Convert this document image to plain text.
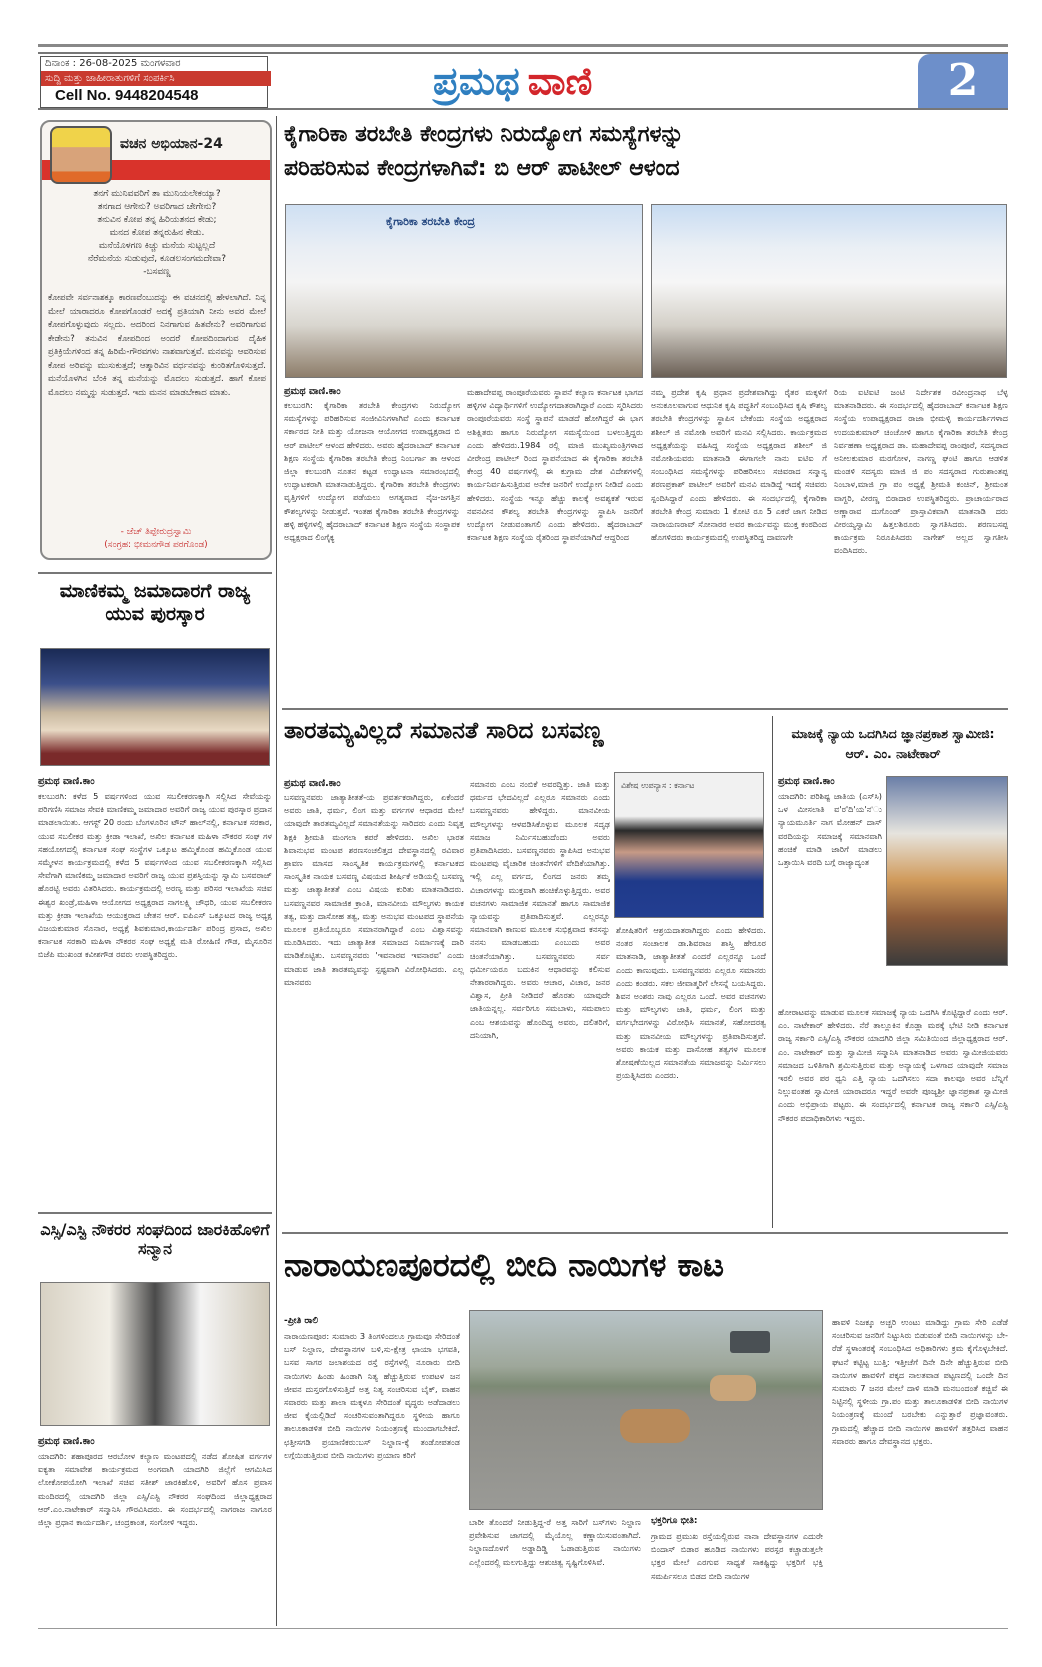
ದಿನಾಂಕ : 26-08-2025 ಮಂಗಳವಾರ
ಸುದ್ದಿ ಮತ್ತು ಜಾಹೀರಾತುಗಳಿಗೆ ಸಂಪರ್ಕಿಸಿ
Cell No. 9448204548	ಪ್ರಮಥ ವಾಣಿ	2
ವಚನ ಅಭಿಯಾನ-24
ತನಗೆ ಮುನಿವವರಿಗೆ ತಾ ಮುನಿಯಲೇಕಯ್ಯಾ?
ತನಗಾದ ಆಗೇನು? ಅವರಿಗಾದ ಚೇಗೇನು?
ತನುವಿನ ಕೋಪ ತನ್ನ ಹಿರಿಯತನದ ಕೇಡು;
ಮನದ ಕೋಪ ತನ್ನರುಹಿನ ಕೇಡು.
ಮನೆಯೊಳಗಣ ಕಿಚ್ಚು ಮನೆಯ ಸುಟ್ಟಲ್ಲದೆ
ನೆರೆಮನೆಯ ಸುಡುವುದೆ, ಕೂಡಲಸಂಗಮದೇವಾ?
-ಬಸವಣ್ಣ
ಕೋಪವೇ ಸರ್ವನಾಶಕ್ಕೂ ಕಾರಣವೆಂಬುದನ್ನು ಈ ವಚನದಲ್ಲಿ ಹೇಳಲಾಗಿದೆ. ನಿನ್ನ ಮೇಲೆ ಯಾರಾದರೂ ಕೋಪಗೊಂಡರೆ ಅದಕ್ಕೆ ಪ್ರತಿಯಾಗಿ ನೀನು ಅವರ ಮೇಲೆ ಕೋಪಗೊಳ್ಳುವುದು ಸಲ್ಲದು. ಅದರಿಂದ ನಿನಗಾಗುವ ಹಿತವೇನು? ಅವರಿಗಾಗುವ ಕೇಡೇನು? ತನುವಿನ ಕೋಪದಿಂದ ಅಂದರೆ ಕೋಪದಿಂದಾಗುವ ದೈಹಿಕ ಪ್ರತಿಕ್ರಿಯೆಗಳಿಂದ ತನ್ನ ಹಿರಿಮೆ-ಗೌರವಗಳು ನಾಶವಾಗುತ್ತವೆ. ಮನವನ್ನು ಆವರಿಸುವ ಕೋಪ ಅರಿವನ್ನು ಮುಸುಕುತ್ತದೆ; ಆತ್ಮಾರಿವಿನ ವರ್ಧನವನ್ನು ಕುಂಠಿತಗೊಳಿಸುತ್ತದೆ. ಮನೆಯೊಳಗಿನ ಬೆಂಕಿ ತನ್ನ ಮನೆಯನ್ನು ಮೊದಲು ಸುಡುತ್ತದೆ. ಹಾಗೆ ಕೋಪ ಮೊದಲು ನಮ್ಮನ್ನು ಸುಡುತ್ತದೆ. ಇದು ಮನನ ಮಾಡಬೇಕಾದ ಮಾತು.
- ಜೆಚ್ ತಿಪ್ಪೇರುದ್ರಸ್ವಾಮಿ
(ಸಂಗ್ರಹ: ಭೀಮನಗೌಡ ಪರಗೊಂಡ)
ಮಾಣಿಕಮ್ಮ ಜಮಾದಾರಗೆ ರಾಜ್ಯ ಯುವ ಪುರಸ್ಕಾರ
ಪ್ರಮಥ ವಾಣಿ.ಕಾಂ
ಕಲಬುರಗಿ: ಕಳೆದ 5 ವರ್ಷಗಳಿಂದ ಯುವ ಸಬಲೀಕರಣಕ್ಕಾಗಿ ಸಲ್ಲಿಸಿದ ಸೇವೆಯನ್ನು ಪರಿಗಣಿಸಿ ಸಮಾಜ ಸೇವಕಿ ಮಾಣಿಕಮ್ಮ ಜಮಾದಾರ ಅವರಿಗೆ ರಾಜ್ಯ ಯುವ ಪುರಸ್ಕಾರ ಪ್ರದಾನ ಮಾಡಲಾಯಿತು. ಆಗಸ್ಟ್ 20 ರಂದು ಬೆಂಗಳೂರಿನ ಟೌನ್ ಹಾಲ್‌ನಲ್ಲಿ, ಕರ್ನಾಟಕ ಸರಕಾರ, ಯುವ ಸಬಲೀಕರ ಮತ್ತು ಕ್ರೀಡಾ ಇಲಾಖೆ, ಅಖಿಲ ಕರ್ನಾಟಕ ಮಹಿಳಾ ನೌಕರರ ಸಂಘ ಗಳ ಸಹಯೋಗದಲ್ಲಿ ಕರ್ನಾಟಕ ಸಂಘ ಸಂಸ್ಥೆಗಳ ಒಕ್ಕೂಟ ಹಮ್ಮಿಕೊಂಡ ಹಮ್ಮಿಕೊಂಡ ಯುವ ಸಮ್ಮೇಳನ ಕಾರ್ಯಕ್ರಮದಲ್ಲಿ ಕಳೆದ 5 ವರ್ಷಗಳಿಂದ ಯುವ ಸಬಲೀಕರಣಕ್ಕಾಗಿ ಸಲ್ಲಿಸಿದ ಸೇವೆಗಾಗಿ ಮಾಣಿಕಮ್ಮ ಜಮಾದಾರ ಅವರಿಗೆ ರಾಜ್ಯ ಯುವ ಪ್ರಶಸ್ತಿಯನ್ನು ಸ್ವಾಮಿ ಬಸವರಾಜ್ ಹೊರಟ್ಟಿ ಅವರು ವಿತರಿಸಿದರು. ಕಾರ್ಯಕ್ರಮದಲ್ಲಿ ಅರಣ್ಯ ಮತ್ತು ಪರಿಸರ ಇಲಾಖೆಯ ಸಚಿವ ಈಶ್ವರ ಖಂಡ್ರೆ,ಮಹಿಳಾ ಆಯೋಗದ ಅಧ್ಯಕ್ಷರಾದ ನಾಗಲಕ್ಷ್ಮಿ ಚೌಧರಿ, ಯುವ ಸಬಲೀಕರಣ ಮತ್ತು ಕ್ರೀಡಾ ಇಲಾಖೆಯ ಆಯುಕ್ತರಾದ ಚೇತನ ಆರ್. ಐಪಿಎಸ್ ಒಕ್ಕೂಟದ ರಾಜ್ಯ ಅಧ್ಯಕ್ಷ ವಿಜಯಕುಮಾರ ಸೊನಾರ, ಅಧ್ಯಕ್ಷೆ ಶಿವಕುಮಾರ,ಕಾರ್ಯದರ್ಶಿ ಪರಿಂದ್ರ ಪ್ರಸಾದ, ಅಖಿಲ ಕರ್ನಾಟಕ ಸರಕಾರಿ ಮಹಿಳಾ ನೌಕರರ ಸಂಘ ಅಧ್ಯಕ್ಷೆ ಮತಿ ರೋಹಿಣಿ ಗೌಡ, ಮೈಸೂರಿನ ಬಿಜೆಪಿ ಮುಖಂಡ ಕವೀಶಗೌಡ ರವರು ಉಪಸ್ಥಿತರಿದ್ದರು.
ಎಸ್ಸಿ/ಎಸ್ಟಿ ನೌಕರರ ಸಂಘದಿಂದ ಜಾರಕಿಹೊಳಿಗೆ ಸನ್ಮಾನ
ಪ್ರಮಥ ವಾಣಿ.ಕಾಂ
ಯಾದಗಿರಿ: ಶಹಾಪೂರದ ಆರಬೋಳ ಕಲ್ಯಾಣ ಮಂಟಪದಲ್ಲಿ ನಡೆದ ಶೋಷಿತ ವರ್ಗಗಳ ಐಕ್ಯತಾ ಸಮಾವೇಶ ಕಾರ್ಯಕ್ರಮದ ಅಂಗವಾಗಿ ಯಾದಗಿರಿ ಜಿಲ್ಲೆಗೆ ಆಗಮಿಸಿದ ಲೋಕೋಪಯೋಗಿ ಇಲಾಖೆ ಸಚಿವ ಸತೀಶ್ ಜಾರಕಿಹೊಳಿ, ಅವರಿಗೆ ಹೊಸ ಪ್ರವಾಸ ಮಂದಿರದಲ್ಲಿ ಯಾದಗಿರಿ ಜಿಲ್ಲಾ ಎಸ್ಸಿ/ಎಸ್ಟಿ ನೌಕರರ ಸಂಘದಿಂದ ಜಿಲ್ಲಾಧ್ಯಕ್ಷರಾದ ಆರ್.ಎಂ.ನಾಟೇಕಾರ್ ಸನ್ಮಾನಿಸಿ ಗೌರವಿಸಿದರು. ಈ ಸಂದರ್ಭದಲ್ಲಿ ನಾಗರಾಜ ನಾಗೂರ ಜಿಲ್ಲಾ ಪ್ರಧಾನ ಕಾರ್ಯದರ್ಶಿ, ಚಂದ್ರಕಾಂತ, ಸಂಗೋಳಿ ಇದ್ದರು.
ಕೈಗಾರಿಕಾ ತರಬೇತಿ ಕೇಂದ್ರಗಳು ನಿರುದ್ಯೋಗ ಸಮಸ್ಯೆಗಳನ್ನು
ಪರಿಹರಿಸುವ ಕೇಂದ್ರಗಳಾಗಿವೆ: ಬಿ ಆರ್ ಪಾಟೀಲ್ ಆಳಂದ
ಕೈಗಾರಿಕಾ ತರಬೇತಿ ಕೇಂದ್ರ
ಪ್ರಮಥ ವಾಣಿ.ಕಾಂ
ಕಲಬುರಗಿ: ಕೈಗಾರಿಕಾ ತರಬೇತಿ ಕೇಂದ್ರಗಳು ನಿರುದ್ಯೋಗ ಸಮಸ್ಯೆಗಳನ್ನು ಪರಿಹರಿಸುವ ಸಂಜೀವಿನಿಗಳಾಗಿವೆ ಎಂದು ಕರ್ನಾಟಕ ಸರ್ಕಾರದ ನೀತಿ ಮತ್ತು ಯೋಜನಾ ಆಯೋಗದ ಉಪಾಧ್ಯಕ್ಷರಾದ ಬಿ ಆರ್ ಪಾಟೀಲ್ ಆಳಂದ ಹೇಳಿದರು. ಅವರು ಹೈದರಾಬಾದ್ ಕರ್ನಾಟಕ ಶಿಕ್ಷಣ ಸಂಸ್ಥೆಯ ಕೈಗಾರಿಕಾ ತರಬೇತಿ ಕೇಂದ್ರ ನಿಂಬರ್ಗಾ ತಾ ಆಳಂದ ಜಿಲ್ಲಾ ಕಲಬುರಗಿ ನೂತನ ಕಟ್ಟಡ ಉದ್ಘಾಟನಾ ಸಮಾರಂಭದಲ್ಲಿ ಉದ್ಘಾಟಕರಾಗಿ ಮಾತನಾಡುತ್ತಿದ್ದರು. ಕೈಗಾರಿಕಾ ತರಬೇತಿ ಕೇಂದ್ರಗಳು ವೃತ್ತಿಗಳಿಗೆ ಉದ್ಯೋಗ ಪಡೆಯಲು ಅಗತ್ಯವಾದ ನೈಜ-ಜಗತ್ತಿನ ಕೌಶಲ್ಯಗಳನ್ನು ನೀಡುತ್ತವೆ. ಇಂತಹ ಕೈಗಾರಿಕಾ ತರಬೇತಿ ಕೇಂದ್ರಗಳನ್ನು ಹಳ್ಳಿ ಹಳ್ಳಿಗಳಲ್ಲಿ ಹೈದರಾಬಾದ್ ಕರ್ನಾಟಕ ಶಿಕ್ಷಣ ಸಂಸ್ಥೆಯ ಸಂಸ್ಥಾಪಕ ಅಧ್ಯಕ್ಷರಾದ ಲಿಂಗೈಕ್ಯ
ಮಹಾದೇವಪ್ಪ ರಾಂಪೂರೆಯವರು ಸ್ಥಾಪನೆ ಕಲ್ಯಾಣ ಕರ್ನಾಟಕ ಭಾಗದ ಹಳ್ಳಿಗಳ ವಿದ್ಯಾರ್ಥಿಗಳಿಗೆ ಉದ್ಯೋಗದಾತರಾಗಿದ್ದಾರೆ ಎಂದು ಸ್ಮರಿಸಿದರು ರಾಂಪೂರೆಯವರು ಸಂಸ್ಥೆ ಸ್ಥಾಪನೆ ಮಾಡದೆ ಹೋಗಿದ್ದರೆ ಈ ಭಾಗ ಅಶಿಕ್ಷಿತರು ಹಾಗೂ ನಿರುದ್ಯೋಗ ಸಮಸ್ಯೆಯಿಂದ ಬಳಲುತ್ತಿದ್ದರು ಎಂದು ಹೇಳಿದರು.1984 ರಲ್ಲಿ ಮಾಜಿ ಮುಖ್ಯಮಂತ್ರಿಗಳಾದ ವೀರೇಂದ್ರ ಪಾಟೀಲ್ ರಿಂದ ಸ್ಥಾಪನೆಯಾದ ಈ ಕೈಗಾರಿಕಾ ತರಬೇತಿ ಕೇಂದ್ರ 40 ವರ್ಷಗಳಲ್ಲಿ ಈ ಕುಗ್ರಾಮ ದೇಶ ವಿದೇಶಗಳಲ್ಲಿ ಕಾರ್ಯನಿರ್ವಹಿಸುತ್ತಿರುವ ಅನೇಕ ಜನರಿಗೆ ಉದ್ಯೋಗ ನೀಡಿದೆ ಎಂದು ಹೇಳಿದರು. ಸಂಸ್ಥೆಯ ಇನ್ನೂ ಹೆಚ್ಚು ಕಾಲಕ್ಕೆ ಅವಶ್ಯಕತೆ ಇರುವ ನವನವೀನ ಕೌಶಲ್ಯ ತರಬೇತಿ ಕೇಂದ್ರಗಳನ್ನು ಸ್ಥಾಪಿಸಿ ಜನರಿಗೆ ಉದ್ಯೋಗ ನೀಡುವಂತಾಗಲಿ ಎಂದು ಹೇಳಿದರು. ಹೈದರಾಬಾದ್ ಕರ್ನಾಟಕ ಶಿಕ್ಷಣ ಸಂಸ್ಥೆಯ ರೈತರಿಂದ ಸ್ಥಾಪನೆಯಾಗಿದೆ ಆದ್ದರಿಂದ
ನಮ್ಮ ಪ್ರದೇಶ ಕೃಷಿ ಪ್ರಧಾನ ಪ್ರದೇಶವಾಗಿದ್ದು ರೈತರ ಮಕ್ಕಳಿಗೆ ಅನುಕೂಲವಾಗುವ ಆಧುನಿಕ ಕೃಷಿ ಪದ್ಧತಿಗೆ ಸಂಬಂಧಿಸಿದ ಕೃಷಿ ಕೌಶಲ್ಯ ತರಬೇತಿ ಕೇಂದ್ರಗಳನ್ನು ಸ್ಥಾಪಿಸ ಬೇಕೆಂದು ಸಂಸ್ಥೆಯ ಅಧ್ಯಕ್ಷರಾದ ಶಶೀಲ್ ಜಿ ನಮೋಶಿ ಅವರಿಗೆ ಮನವಿ ಸಲ್ಲಿಸಿದರು. ಕಾರ್ಯಕ್ರಮದ ಅಧ್ಯಕ್ಷತೆಯನ್ನು ವಹಿಸಿದ್ದ ಸಂಸ್ಥೆಯ ಅಧ್ಯಕ್ಷರಾದ ಶಶೀಲ್ ಜಿ ನಮೋಶಿಯವರು ಮಾತನಾಡಿ ಈಗಾಗಲೇ ನಾನು ಐಟಿಐ ಗೆ ಸಂಬಂಧಿಸಿದ ಸಮಸ್ಯೆಗಳನ್ನು ಪರಿಹರಿಸಲು ಸಚಿವರಾದ ಸನ್ಮಾನ್ಯ ಶರಣಪ್ರಕಾಶ್ ಪಾಟೀಲ್ ಅವರಿಗೆ ಮನವಿ ಮಾಡಿದ್ದೆ ಇದಕ್ಕೆ ಸಚಿವರು ಸ್ಪಂದಿಸಿದ್ದಾರೆ ಎಂದು ಹೇಳಿದರು. ಈ ಸಂದರ್ಭದಲ್ಲಿ ಕೈಗಾರಿಕಾ ತರಬೇತಿ ಕೇಂದ್ರ ಸುಮಾರು 1 ಕೋಟಿ ರೂ 5 ಎಕರೆ ಜಾಗ ನೀಡಿದ ನಾರಾಯಣರಾವ್ ಸೋನಾರರ ಅವರ ಕಾರ್ಯವನ್ನು ಮುಕ್ತ ಕಂಠದಿಂದ ಹೊಗಳಿದರು ಕಾರ್ಯಕ್ರಮದಲ್ಲಿ ಉಪಸ್ಥಿತರಿದ್ದ ದಾವಣಗೇ
ರಿಯ ಐಟಿಐಟಿ ಜಂಟಿ ನಿರ್ದೇಶಕ ರವೀಂದ್ರನಾಥ ಬೆಳ್ಳ ಮಾತನಾಡಿದರು. ಈ ಸಂದರ್ಭದಲ್ಲಿ ಹೈದರಾಬಾದ್ ಕರ್ನಾಟಕ ಶಿಕ್ಷಣ ಸಂಸ್ಥೆಯ ಉಪಾಧ್ಯಕ್ಷರಾದ ರಾಜಾ ಭೀಮಳ್ಳಿ ಕಾರ್ಯದರ್ಶಿಗಳಾದ ಉದಯಕುಮಾರ್ ಚಿಂಚೋಳಿ ಹಾಗೂ ಕೈಗಾರಿಕಾ ತರಬೇತಿ ಕೇಂದ್ರ ನಿರ್ವಹಣಾ ಅಧ್ಯಕ್ಷರಾದ ಡಾ. ಮಹಾದೇವಪ್ಪ ರಾಂಪೂರೆ, ಸದಸ್ಯರಾದ ಅನೀಲಕುಮಾರ ಮರಗೋಳ, ನಾಗಣ್ಣ ಘಂಟಿ ಹಾಗೂ ಆಡಳಿತ ಮಂಡಳಿ ಸದಸ್ಯರು ಮಾಜಿ ಜಿ ಪಂ ಸದಸ್ಯರಾದ ಗುರುಶಾಂತಪ್ಪ ನಿಂಬಾಳ,ಮಾಜಿ ಗ್ರಾ ಪಂ ಅಧ್ಯಕ್ಷೆ ಶ್ರೀಮತಿ ಕಂಚಿನ್, ಶ್ರೀಮಂತ ವಾಗ್ದರಿ, ವೀರಣ್ಣ ಬಿರಾದಾರ ಉಪಸ್ಥಿತರಿದ್ದರು. ಪ್ರಾಚಾರ್ಯರಾದ ಅಣ್ಣಾರಾವ ದುಗೊಂಡ್ ಪ್ರಾಸ್ತಾವಿಕವಾಗಿ ಮಾತನಾಡಿ ದರು ವೀರಯ್ಯಸ್ವಾಮಿ ಹಿತ್ತಲಶಿರೂರು ಸ್ವಾಗತಿಸಿದರು. ಶರಣಬಸಪ್ಪ ಕಾರ್ಯಕ್ರಮ ನಿರೂಪಿಸಿದರು ನಾಗೇಶ್ ಅಲ್ಲದ ಸ್ವಾಗತೀಸಿ ವಂದಿಸಿದರು.
ತಾರತಮ್ಯವಿಲ್ಲದೆ ಸಮಾನತೆ ಸಾರಿದ ಬಸವಣ್ಣ
ಪ್ರಮಥ ವಾಣಿ.ಕಾಂ
ಬಸವಣ್ಣನವರು ಜಾತ್ಯಾತೀತತೆ-ಯ ಪ್ರವರ್ತಕರಾಗಿದ್ದರು, ಏಕೆಂದರೆ ಅವರು ಜಾತಿ, ಧರ್ಮ, ಲಿಂಗ ಮತ್ತು ವರ್ಗಗಳ ಆಧಾರದ ಮೇಲೆ ಯಾವುದೇ ತಾರತಮ್ಯವಿಲ್ಲದೆ ಸಮಾನತೆಯನ್ನು ಸಾರಿದರು ಎಂದು ನಿವೃತ್ತ ಶಿಕ್ಷಕಿ ಶ್ರೀಮತಿ ಮಂಗಲಾ ಕಪರೆ ಹೇಳಿದರು. ಅಖಿಲ ಭಾರತ ಶಿವಾನುಭವ ಮಂಟಪ ಶರಣಸಂಚಲಿತ್ತದ ದೇವಸ್ಥಾನದಲ್ಲಿ ರವಿವಾರ ಶ್ರಾವಣ ಮಾಸದ ಸಾಂಸ್ಕೃತಿಕ ಕಾರ್ಯಕ್ರಮಗಳಲ್ಲಿ ಕರ್ನಾಟಕದ ಸಾಂಸ್ಕೃತಿಕ ನಾಯಕ ಬಸವಣ್ಣ ವಿಷಯದ ಶೀರ್ಷಿಕೆ ಅಡಿಯಲ್ಲಿ ಬಸವಣ್ಣ ಮತ್ತು ಜಾತ್ಯಾತೀತತೆ ಎಂಬ ವಿಷಯ ಕುರಿತು ಮಾತನಾಡಿದರು. ಬಸವಣ್ಣನವರ ಸಾಮಾಜಿಕ ಕ್ರಾಂತಿ, ಮಾನವೀಯ ಮೌಲ್ಯಗಳು ಕಾಯಕ ತತ್ವ, ಮತ್ತು ದಾಸೋಹ ತತ್ವ, ಮತ್ತು ಅನುಭವ ಮಂಟಪದ ಸ್ಥಾಪನೆಯ ಮೂಲಕ ಪ್ರತಿಯೊಬ್ಬರೂ ಸಮಾನರಾಗಿದ್ದಾರೆ ಎಂಬ ವಿಶ್ವಾಸವನ್ನು ಮೂಡಿಸಿದರು. ಇದು ಜಾತ್ಯಾತೀತ ಸಮಾಜದ ನಿರ್ಮಾಣಕ್ಕೆ ದಾರಿ ಮಾಡಿಕೊಟ್ಟಿತು. ಬಸವಣ್ಣನವರು 'ಇವನಾರವ ಇವನಾರವ' ಎಂದು ಮಾಡುವ ಜಾತಿ ತಾರತಮ್ಯವನ್ನು ಸ್ಪಷ್ಟವಾಗಿ ವಿರೋಧಿಸಿದರು. ಎಲ್ಲ ಮಾನವರು
ಸಮಾನರು ಎಂಬ ನಂಬಿಕೆ ಅವರದ್ದಿತ್ತು. ಜಾತಿ ಮತ್ತು ಧರ್ಮದ ಭೇದವಿಲ್ಲದೆ ಎಲ್ಲರೂ ಸಮಾನರು ಎಂದು ಬಸವಣ್ಣನವರು ಹೇಳಿದ್ದರು. ಮಾನವೀಯ ಮೌಲ್ಯಗಳನ್ನು ಆಳವಡಿಸಿಕೊಳ್ಳುವ ಮೂಲಕ ಸದೃಢ ಸಮಾಜ ನಿರ್ಮಿಸಬಹುದೆಂದು ಅವರು ಪ್ರತಿಪಾದಿಸಿದರು. ಬಸವಣ್ಣನವರು ಸ್ಥಾಪಿಸಿದ ಅನುಭವ ಮಂಟಪವು ವೈಚಾರಿಕ ಚಿಂತನೆಗಳಿಗೆ ವೇದಿಕೆಯಾಗಿತ್ತು. ಇಲ್ಲಿ ಎಲ್ಲ ವರ್ಗದ, ಲಿಂಗದ ಜನರು ತಮ್ಮ ವಿಚಾರಗಳನ್ನು ಮುಕ್ತವಾಗಿ ಹಂಚಿಕೊಳ್ಳುತ್ತಿದ್ದರು. ಅವರ ವಚನಗಳು ಸಾಮಾಜಿಕ ಸಮಾನತೆ ಹಾಗೂ ಸಾಮಾಜಿಕ ನ್ಯಾಯವನ್ನು ಪ್ರತಿಪಾದಿಸುತ್ತವೆ. ಎಲ್ಲರನ್ನೂ ಸಮಾನವಾಗಿ ಕಾಣುವ ಮೂಲಕ ಸುಭಿಕ್ಷವಾದ ಕನಸನ್ನು ನನಸು ಮಾಡಬಹುದು ಎಂಬುದು ಅವರ ಚಿಂತನೆಯಾಗಿತ್ತು. ಬಸವಣ್ಣನವರು ಸರ್ವ ಧರ್ಮೀಯರೂ ಬದುಕಿನ ಆಧಾರವನ್ನು ಕಲಿಸುವ ನೇತಾರರಾಗಿದ್ದರು. ಅವರು ಆಚಾರ, ವಿಚಾರ, ಜನರ ವಿಶ್ವಾಸ, ಪ್ರೀತಿ ನೀಡಿದರೆ ಹೊರತು ಯಾವುದೇ ಜಾತಿಯನ್ನಲ್ಲ. ಸರ್ವರಿಗೂ ಸಮಬಾಳು, ಸಮಪಾಲು ಎಂಬ ಆಶಯವನ್ನು ಹೊಂದಿದ್ದ ಅವರು, ದಲಿತರಿಗೆ, ದನಿಯಾಗಿ,
ವಿಶೇಷ ಉಪನ್ಯಾಸ : ಕರ್ನಾಟ
ಶೋಷಿತರಿಗೆ ಆಶ್ರಯದಾತರಾಗಿದ್ದರು ಎಂದು ಹೇಳಿದರು. ನಂತರ ಸಂಚಾಲಕ ಡಾ.ಶಿವರಾಜ ಶಾಸ್ತ್ರಿ ಹೇರೂರ ಮಾತನಾಡಿ, ಜಾತ್ಯಾತೀತತೆ ಎಂದರೆ ಎಲ್ಲರನ್ನೂ ಒಂದೆ ಎಂದು ಕಾಣುವುದು. ಬಸವಣ್ಣನವರು ಎಲ್ಲರೂ ಸಮಾನರು ಎಂದು ಕಂಡರು. ಸಕಲ ಜೀವಾತ್ಮರಿಗೆ ಲೇಸನ್ನೆ ಬಯಸಿದ್ದರು. ಶಿವನ ಅಂಶರು ನಾವು ಎಲ್ಲರೂ ಒಂದೆ. ಅವರ ವಚನಗಳು ಮತ್ತು ಮೌಲ್ಯಗಳು ಜಾತಿ, ಧರ್ಮ, ಲಿಂಗ ಮತ್ತು ವರ್ಗಭೇದಗಳನ್ನು ವಿರೋಧಿಸಿ ಸಮಾನತೆ, ಸಹೋದರತ್ವ ಮತ್ತು ಮಾನವೀಯ ಮೌಲ್ಯಗಳನ್ನು ಪ್ರತಿಪಾದಿಸುತ್ತವೆ. ಅವರು ಕಾಯಕ ಮತ್ತು ದಾಸೋಹ ತತ್ವಗಳ ಮೂಲಕ ಶೋಷಣೆಯಿಲ್ಲದ ಸಮಾನತೆಯ ಸಮಾಜವನ್ನು ನಿರ್ಮಿಸಲು ಪ್ರಯತ್ನಿಸಿದರು ಎಂದರು.
ಮಾಜಕ್ಕೆ ನ್ಯಾಯ ಒದಗಿಸಿದ ಜ್ಞಾನಪ್ರಕಾಶ ಸ್ವಾಮೀಜಿ: ಆರ್. ಎಂ. ನಾಟೇಕಾರ್
ಪ್ರಮಥ ವಾಣಿ.ಕಾಂ
ಯಾದಗಿರಿ: ಪರಿಶಿಷ್ಟ ಜಾತಿಯ (ಎಸ್‌ಸಿ) ಒಳ ಮೀಸಲಾತಿ ವ'ರ'ದಿ'ಯ'ನ'ು ನ್ಯಾಯಮೂರ್ತಿ ನಾಗ ಮೋಹನ್ ದಾಸ್ ವರದಿಯನ್ನು ಸಮಾಜಕ್ಕೆ ಸಮಾನವಾಗಿ ಹಂಚಿಕೆ ಮಾಡಿ ಜಾರಿಗೆ ಮಾಡಲು ಒತ್ತಾಯಿಸಿ ವರದಿ ಬಗ್ಗೆ ರಾಜ್ಯಾದ್ಯಂತ
ಹೋರಾಟವನ್ನು ಮಾಡುವ ಮೂಲಕ ಸಮಾಜಕ್ಕೆ ನ್ಯಾಯ ಒದಗಿಸಿ ಕೊಟ್ಟಿದ್ದಾರೆ ಎಂದು ಆರ್. ಎಂ. ನಾಟೇಕಾರ್ ಹೇಳಿದರು. ನೆರೆ ತಾಲ್ಲೂಕಿನ ಕೊಡ್ಲಾ ಮಠಕ್ಕೆ ಭೇಟಿ ನೀಡಿ ಕರ್ನಾಟಕ ರಾಜ್ಯ ಸರ್ಕಾರಿ ಎಸ್ಸಿ/ಎಸ್ಟಿ ನೌಕರರ ಯಾದಗಿರಿ ಜಿಲ್ಲಾ ಸಮಿತಿಯಿಂದ ಜಿಲ್ಲಾಧ್ಯಕ್ಷರಾದ ಆರ್. ಎಂ. ನಾಟೇಕಾರ್ ಮತ್ತು ಸ್ವಾಮೀಜಿ ಸನ್ಮಾನಿಸಿ ಮಾತನಾಡಿದ ಅವರು ಸ್ವಾಮೀಜಿಯವರು ಸಮಾಜದ ಒಳಿತಿಗಾಗಿ ಶ್ರಮಿಸುತ್ತಿರುವ ಮತ್ತು ಅನ್ಯಾಯಕ್ಕೆ ಒಳಗಾದ ಯಾವುದೇ ಸಮಾಜ ಇರಲಿ ಅವರ ಪರ ಧ್ವನಿ ಎತ್ತಿ ನ್ಯಾಯ ಒದಗಿಸಲು ಸದಾ ಕಾಲವೂ ಅವರ ಬೆನ್ನಿಗೆ ನಿಲ್ಲುವಂತಹ ಸ್ವಾಮೀಜಿ ಯಾರಾದರೂ ಇದ್ದರೆ ಅವರೇ ಪೂಜ್ಯಶ್ರೀ ಜ್ಞಾನಪ್ರಕಾಶ ಸ್ವಾಮೀಜಿ ಎಂದು ಅಭಿಪ್ರಾಯ ಪಟ್ಟರು. ಈ ಸಂದರ್ಭದಲ್ಲಿ ಕರ್ನಾಟಕ ರಾಜ್ಯ ಸರ್ಕಾರಿ ಎಸ್ಸಿ/ಎಸ್ಟಿ ನೌಕರರ ಪದಾಧಿಕಾರಿಗಳು ಇದ್ದರು.
ನಾರಾಯಣಪೂರದಲ್ಲಿ ಬೀದಿ ನಾಯಿಗಳ ಕಾಟ
-ಪ್ರೀತಿ ರಾಲಿ
ನಾರಾಯಣಪೂರ: ಸುಮಾರು 3 ತಿಂಗಳಿಂದಲೂ ಗ್ರಾಮವೂ ಸೇರಿದಂತೆ ಬಸ್ ನಿಲ್ದಾಣ, ದೇವಸ್ಥಾನಗಳ ಬಳಿ,ಸು-ಕ್ಷೇತ್ರ ಛಾಯಾ ಭಗವತಿ, ಬಸವ ಸಾಗರ ಜಲಾಶಯದ ರಸ್ತೆ ರಸ್ತೆಗಳಲ್ಲಿ ನೂರಾರು ಬೀದಿ ನಾಯಿಗಳು ಹಿಂಡು ಹಿಂಡಾಗಿ ನಿತ್ಯ ಹೆಚ್ಚುತ್ತಿರುವ ಉಪಟಳ ಜನ ಜೀವನ ದುಸ್ತರಗೊಳಿಸುತ್ತಿದೆ ಅತ್ತ ನಿತ್ಯ ಸಂಚರಿಸುವ ಬೈಕ್, ವಾಹನ ಸವಾರರು ಮತ್ತು ಶಾಲಾ ಮಕ್ಕಳೂ ಸೇರಿದಂತೆ ವೃದ್ಧರು ಅಡೆದಾಡಲು ಜೀವ ಕೈಯಲ್ಲಿಡಿದೆ ಸಂಚರಿಸುವಂತಾಗಿದ್ದರೂ ಸ್ಥಳೀಯ ಹಾಗೂ ತಾಲೂಕಾಡಳಿತ ಬೀದಿ ನಾಯಿಗಳ ನಿಯಂತ್ರಣಕ್ಕೆ ಮುಂದಾಗಬೇಕಿದೆ. ಛತ್ತೀಸಗಡಿ ಪ್ರಯಾಣಿಕರು:ಬಸ್ ನಿಲ್ದಾಣ-ಕ್ಕೆ ತಂಡೋಪತಂಡ ಲಗ್ಗೆಯಿಡುತ್ತಿರುವ ಬೀದಿ ನಾಯಿಗಳು ಪ್ರಯಾಣ ಕರಿಗೆ
ಬಾರೀ ತೊಂದರೆ ನೀಡುತ್ತಿದ್ದ-ರೆ ಅತ್ತ ಸಾರಿಗೆ ಬಸ್‌ಗಳು ನಿಲ್ದಾಣ ಪ್ರವೇಶಿಸುವ ಜಾಗದಲ್ಲಿ ಮೈಯೊಲ್ಲ ಕಣ್ಣಾಯಿಸುವಂತಾಗಿದೆ. ನಿಲ್ದಾಣದೊಳಗೆ ಅಡ್ಡಾದಿಡ್ಡಿ ಓಡಾಡುತ್ತಿರುವ ನಾಯಿಗಳು ಎಲ್ಲೆಂದರಲ್ಲಿ ಮಲಗುತ್ತಿದ್ದು ಆಶುಚಿತ್ವ ಸೃಷ್ಟಿಗೊಳಿಸಿವೆ.
ಭಕ್ತರಿಗೂ ಭೀತಿ:
ಗ್ರಾಮದ ಪ್ರಮುಖ ರಸ್ತೆಯಲ್ಲಿರುವ ನಾನಾ ದೇವಸ್ಥಾನಗಳ ಎದುರೇ ಬಿಂದಾಸ್ ಬಿಡಾರ ಹೂಡಿದ ನಾಯಿಗಳು ಪರಸ್ಪರ ಕಚ್ಚಾಡುತ್ತಲೇ ಭಕ್ತರ ಮೇಲೆ ಎರಗುವ ಸಾಧ್ಯತೆ ಸಾಕಷ್ಟಿದ್ದು ಭಕ್ತರಿಗೆ ಭಕ್ತಿ ಸಮರ್ಪಿಸಲೂ ಬಿಡದ ಬೀದಿ ನಾಯಿಗಳ
ಹಾವಳಿ ನಿಜಕ್ಕೂ ಅಚ್ಚರಿ ಉಂಟು ಮಾಡಿದ್ದು ಗ್ರಾಮ ಸೇರಿ ಎಡೆಡೆ ಸಂಚರಿಸುವ ಜನರಿಗೆ ನಿಟ್ಟುಸಿರು ಬಿಡುವಂತೆ ಬೀದಿ ನಾಯಿಗಳನ್ನು ಬೇ-ರೆಡೆ ಸ್ಥಳಾಂತರಕ್ಕೆ ಸಂಬಂಧಿಸಿದ ಅಧಿಕಾರಿಗಳು ಕ್ರಮ ಕೈಗೊಳ್ಳಬೇಕಿದೆ. ಘಟನೆ ಕಟ್ಟಿಟ್ಟ ಬುತ್ತಿ: ಇತ್ತೀಚೆಗೆ ದಿನೇ ದಿನೇ ಹೆಚ್ಚುತ್ತಿರುವ ಬೀದಿ ನಾಯಿಗಳ ಹಾವಳಿಗೆ ಪಕ್ಕದ ನಾಲತವಾಡ ಪಟ್ಟಣದಲ್ಲಿ ಒಂದೇ ದಿನ ಸುಮಾರು 7 ಜನರ ಮೇಲೆ ದಾಳಿ ಮಾಡಿ ಮನಬಂದಂತೆ ಕಚ್ಚಿವೆ ಈ ನಿಟ್ಟಿನಲ್ಲಿ ಸ್ಥಳೀಯ ಗ್ರಾ.ಪಂ ಮತ್ತು ತಾಲೂಕಾಡಳಿತ ಬೀದಿ ನಾಯಿಗಳ ನಿಯಂತ್ರಣಕ್ಕೆ ಮುಂದೆ ಬರಬೇಕು ಎನ್ನುತ್ತಾರೆ ಪ್ರಜ್ಞಾವಂತರು. ಗ್ರಾಮದಲ್ಲಿ ಹೆಚ್ಚಾದ ಬೀದಿ ನಾಯಿಗಳ ಹಾವಳಿಗೆ ತತ್ತರಿಸಿದ ವಾಹನ ಸವಾರರು ಹಾಗೂ ದೇವಸ್ಥಾನದ ಭಕ್ತರು.
